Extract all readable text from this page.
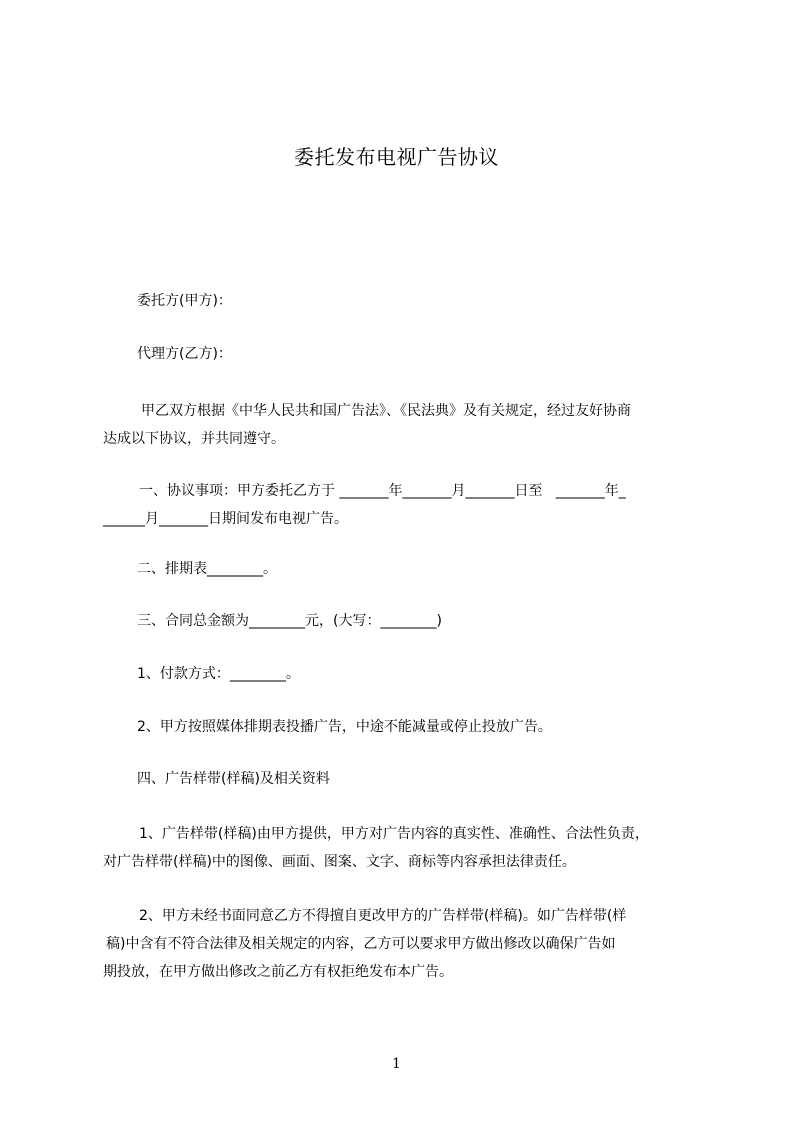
委托发布电视广告协议
委托方(甲方)：
代理方(乙方)：
甲乙双方根据《中华人民共和国广告法》、《民法典》及有关规定，经过友好协商
达成以下协议，并共同遵守。
一、协议事项：甲方委托乙方于 _______年_______月_______日至   _______年_
______月_______日期间发布电视广告。
二、排期表________。
三、合同总金额为________元，(大写：________)
1、付款方式：________。
2、甲方按照媒体排期表投播广告，中途不能减量或停止投放广告。
四、广告样带(样稿)及相关资料
1、广告样带(样稿)由甲方提供，甲方对广告内容的真实性、准确性、合法性负责，
对广告样带(样稿)中的图像、画面、图案、文字、商标等内容承担法律责任。
2、甲方未经书面同意乙方不得擅自更改甲方的广告样带(样稿)。如广告样带(样
稿)中含有不符合法律及相关规定的内容，乙方可以要求甲方做出修改以确保广告如
期投放，在甲方做出修改之前乙方有权拒绝发布本广告。
1
